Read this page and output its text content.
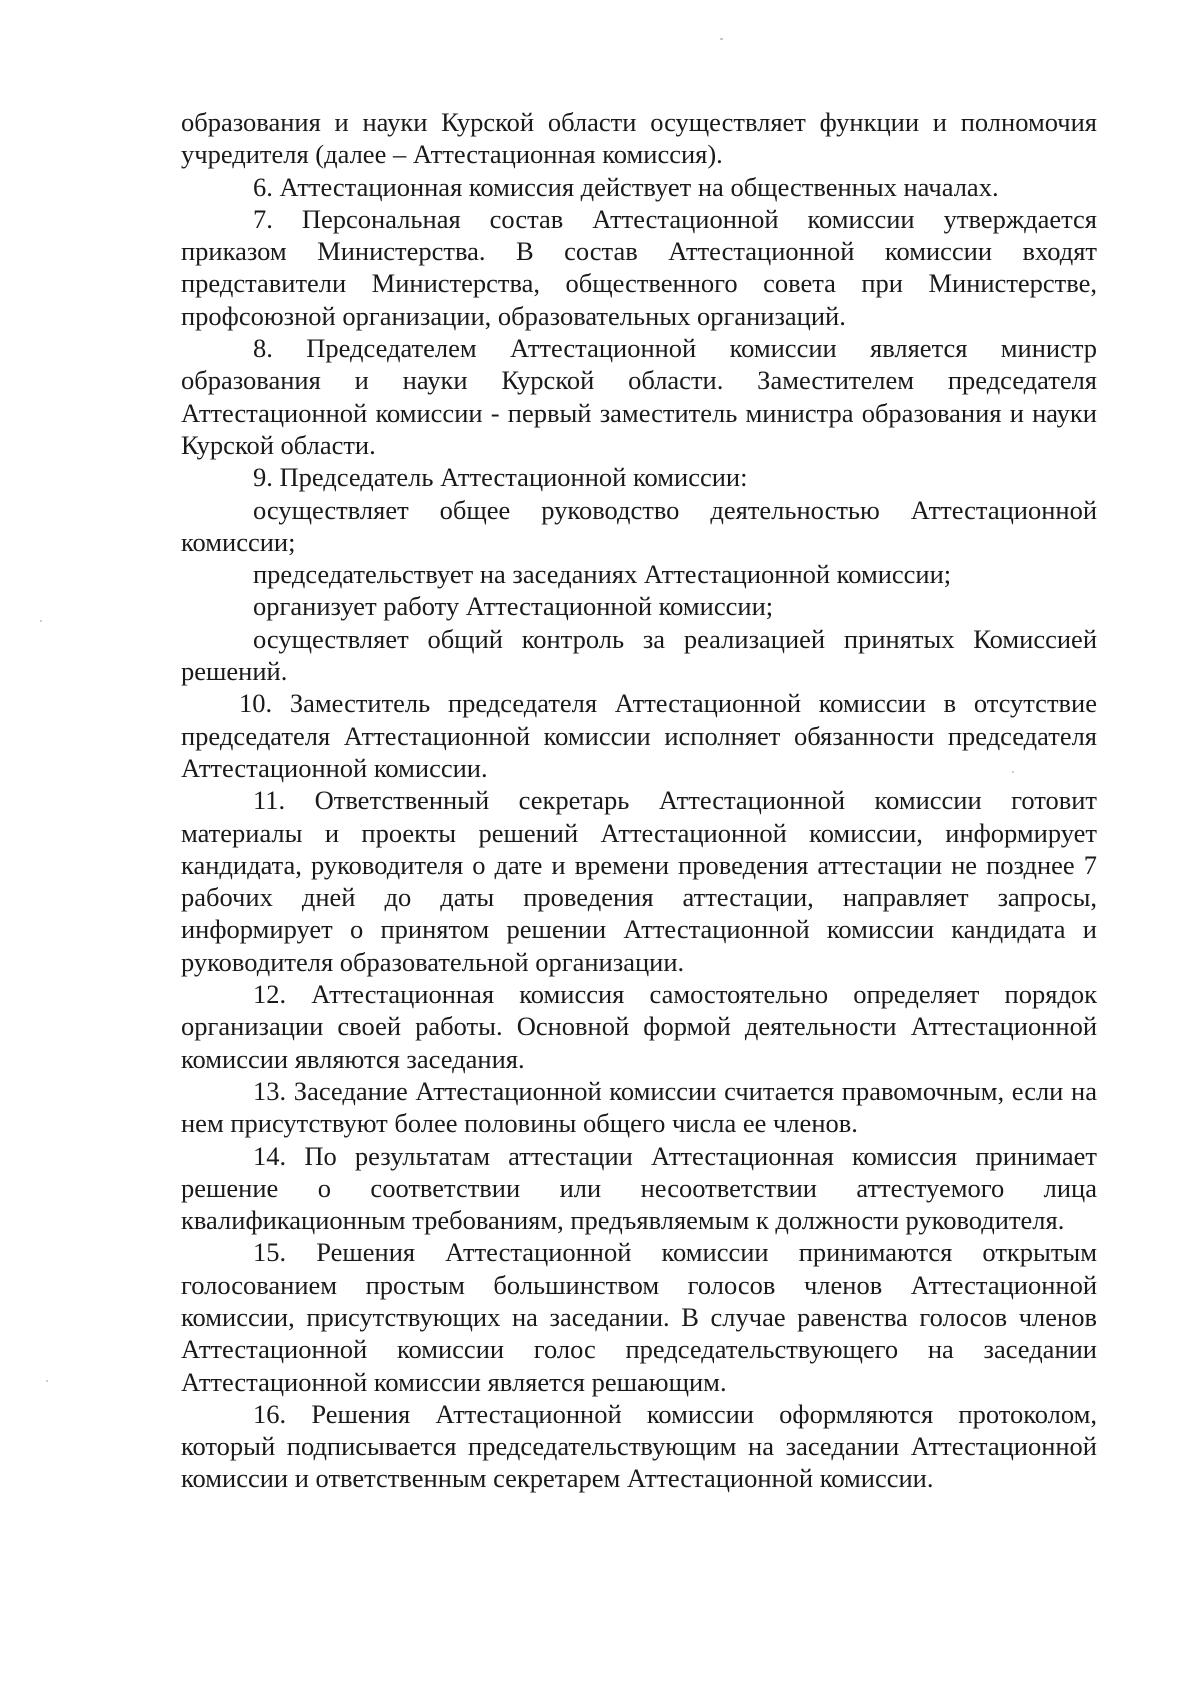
образования и науки Курской области осуществляет функции и полномочия учредителя (далее – Аттестационная комиссия).

6. Аттестационная комиссия действует на общественных началах.

7. Персональная состав Аттестационной комиссии утверждается приказом Министерства. В состав Аттестационной комиссии входят представители Министерства, общественного совета при Министерстве, профсоюзной организации, образовательных организаций.

8. Председателем Аттестационной комиссии является министр образования и науки Курской области. Заместителем председателя Аттестационной комиссии - первый заместитель министра образования и науки Курской области.

9. Председатель Аттестационной комиссии:

осуществляет общее руководство деятельностью Аттестационной комиссии;

председательствует на заседаниях Аттестационной комиссии;

организует работу Аттестационной комиссии;

осуществляет общий контроль за реализацией принятых Комиссией решений.

10. Заместитель председателя Аттестационной комиссии в отсутствие председателя Аттестационной комиссии исполняет обязанности председателя Аттестационной комиссии.

11. Ответственный секретарь Аттестационной комиссии готовит материалы и проекты решений Аттестационной комиссии, информирует кандидата, руководителя о дате и времени проведения аттестации не позднее 7 рабочих дней до даты проведения аттестации, направляет запросы, информирует о принятом решении Аттестационной комиссии кандидата и руководителя образовательной организации.

12. Аттестационная комиссия самостоятельно определяет порядок организации своей работы. Основной формой деятельности Аттестационной комиссии являются заседания.

13. Заседание Аттестационной комиссии считается правомочным, если на нем присутствуют более половины общего числа ее членов.

14. По результатам аттестации Аттестационная комиссия принимает решение о соответствии или несоответствии аттестуемого лица квалификационным требованиям, предъявляемым к должности руководителя.

15. Решения Аттестационной комиссии принимаются открытым голосованием простым большинством голосов членов Аттестационной комиссии, присутствующих на заседании. В случае равенства голосов членов Аттестационной комиссии голос председательствующего на заседании Аттестационной комиссии является решающим.

16. Решения Аттестационной комиссии оформляются протоколом, который подписывается председательствующим на заседании Аттестационной комиссии и ответственным секретарем Аттестационной комиссии.
